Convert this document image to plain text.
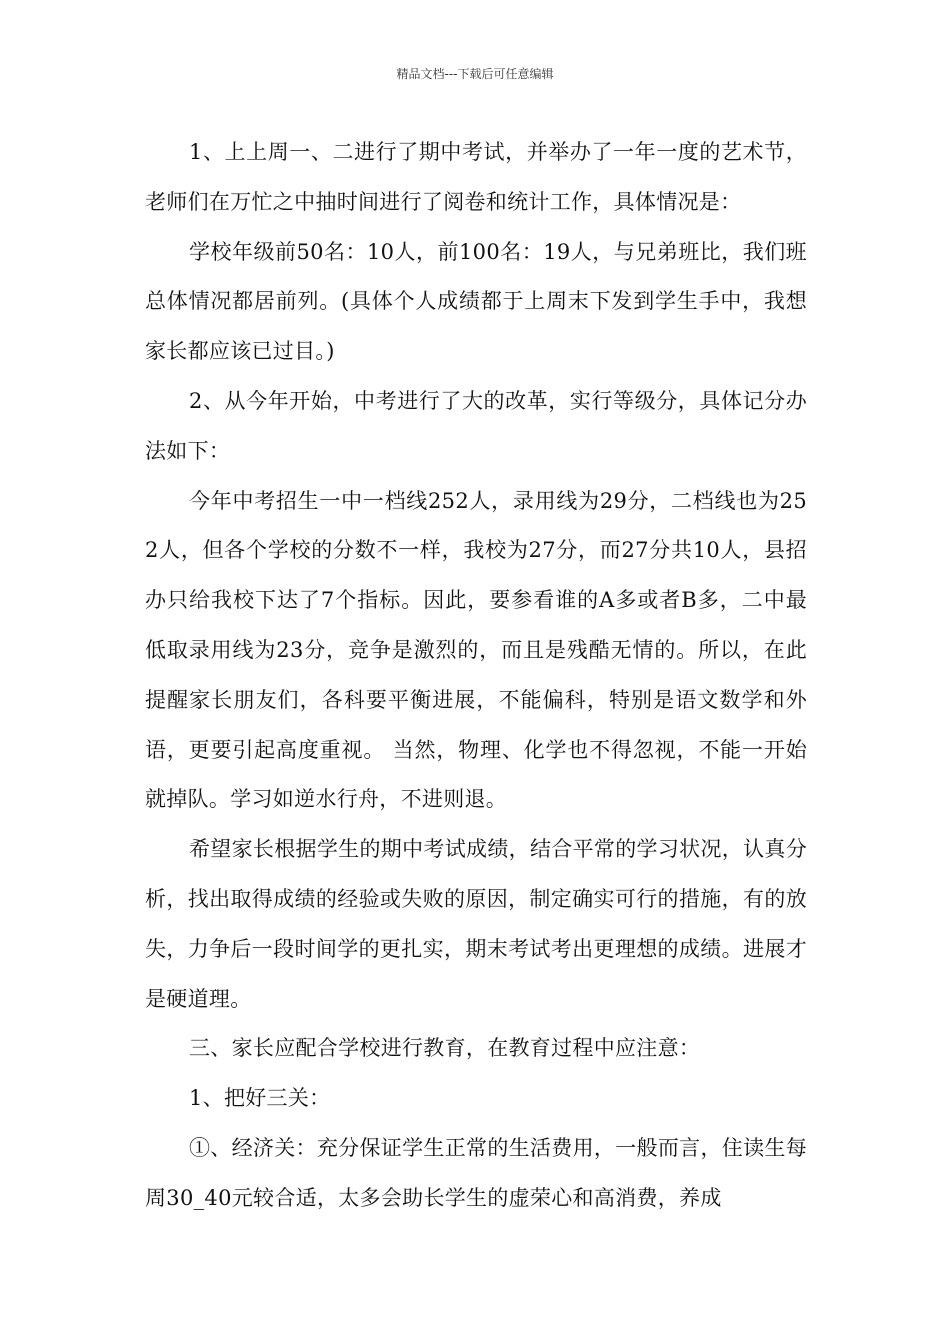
精品文档---下载后可任意编辑

1、上上周一、二进行了期中考试，并举办了一年一度的艺术节，老师们在万忙之中抽时间进行了阅卷和统计工作，具体情况是：

学校年级前50名：10人，前100名：19人，与兄弟班比，我们班总体情况都居前列。(具体个人成绩都于上周末下发到学生手中，我想家长都应该已过目。)

2、从今年开始，中考进行了大的改革，实行等级分，具体记分办法如下：

今年中考招生一中一档线252人，录用线为29分，二档线也为252人，但各个学校的分数不一样，我校为27分，而27分共10人，县招办只给我校下达了7个指标。因此，要参看谁的A多或者B多，二中最低取录用线为23分，竞争是激烈的，而且是残酷无情的。所以，在此提醒家长朋友们，各科要平衡进展，不能偏科，特别是语文数学和外语，更要引起高度重视。 当然，物理、化学也不得忽视，不能一开始就掉队。学习如逆水行舟，不进则退。

希望家长根据学生的期中考试成绩，结合平常的学习状况，认真分析，找出取得成绩的经验或失败的原因，制定确实可行的措施，有的放失，力争后一段时间学的更扎实，期末考试考出更理想的成绩。进展才是硬道理。

三、家长应配合学校进行教育，在教育过程中应注意：

1、把好三关：

①、经济关：充分保证学生正常的生活费用，一般而言，住读生每周30_40元较合适，太多会助长学生的虚荣心和高消费，养成
